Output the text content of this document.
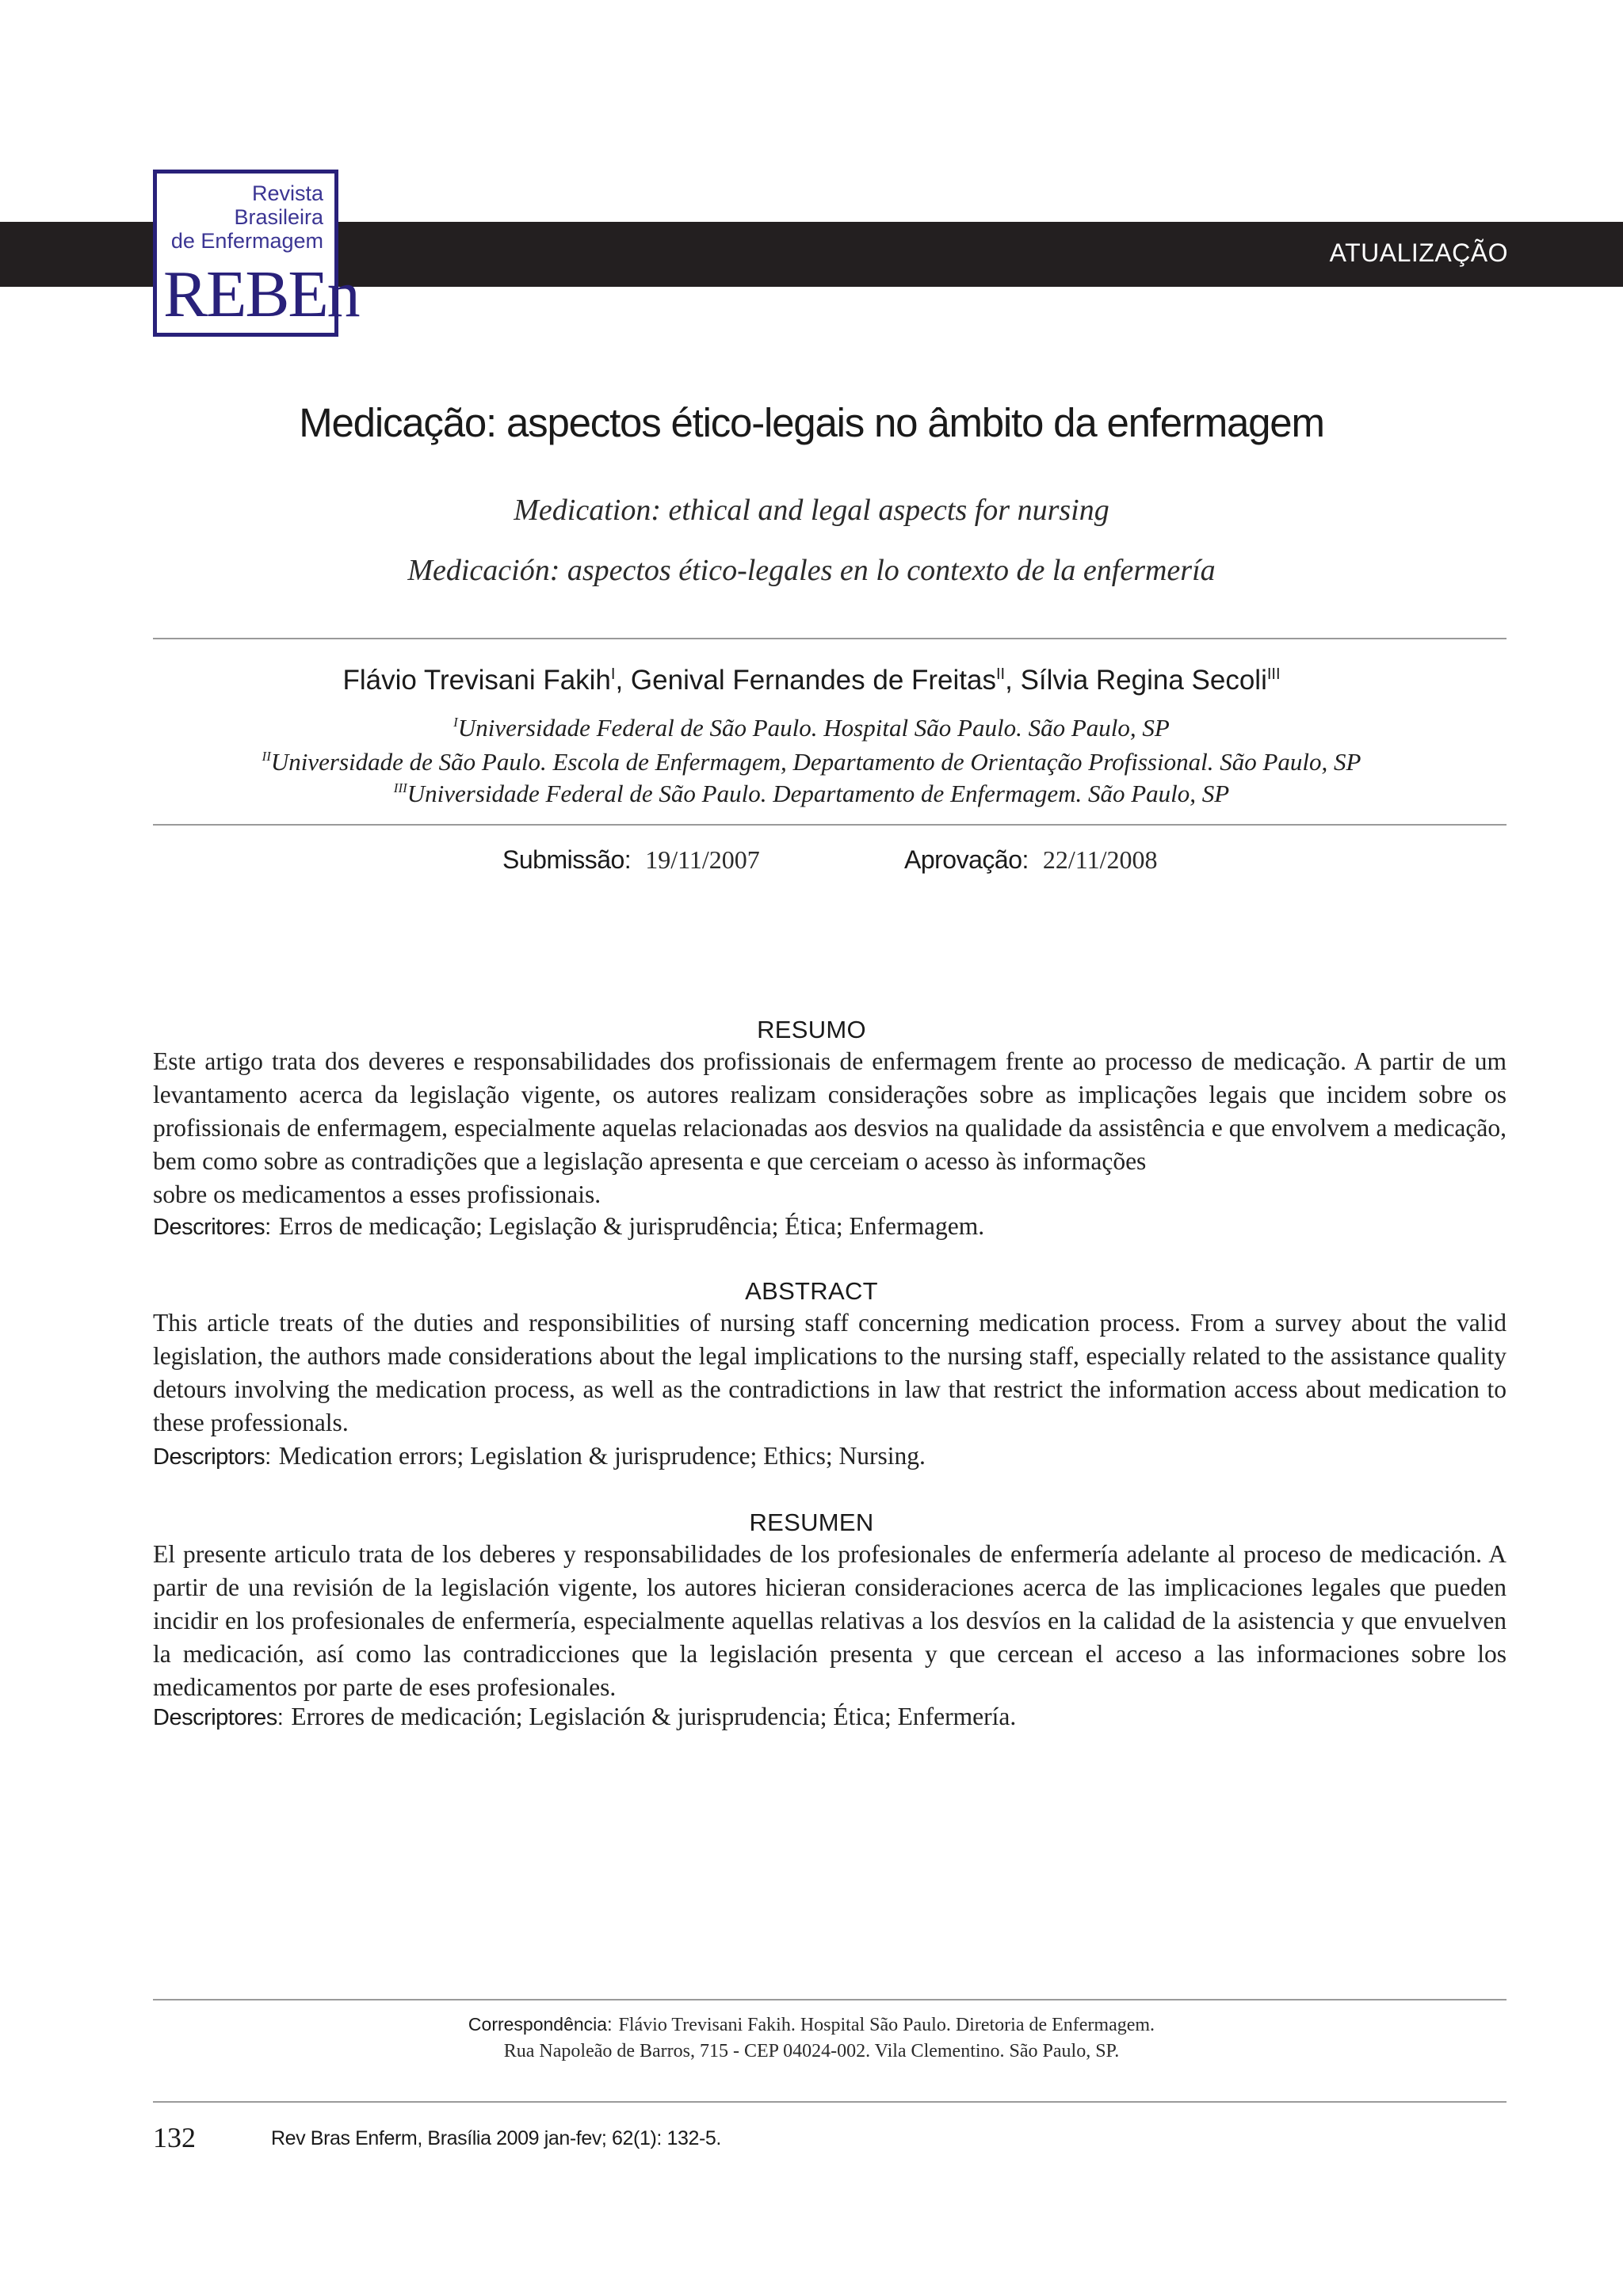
ATUALIZAÇÃO
Revista
Brasileira
de Enfermagem
REBEn
Medicação: aspectos ético-legais no âmbito da enfermagem
Medication: ethical and legal aspects for nursing
Medicación: aspectos ético-legales en lo contexto de la enfermería
Flávio Trevisani Fakih$^I$, Genival Fernandes de Freitas$^{II}$, Sílvia Regina Secoli$^{III}$
$^I$Universidade Federal de São Paulo. Hospital São Paulo. São Paulo, SP
$^{II}$Universidade de São Paulo. Escola de Enfermagem, Departamento de Orientação Profissional. São Paulo, SP
$^{III}$Universidade Federal de São Paulo. Departamento de Enfermagem. São Paulo, SP
Submissão: 19/11/2007	Aprovação: 22/11/2008
RESUMO
Este artigo trata dos deveres e responsabilidades dos profissionais de enfermagem frente ao processo de medicação. A partir de um levantamento acerca da legislação vigente, os autores realizam considerações sobre as implicações legais que incidem sobre os profissionais de enfermagem, especialmente aquelas relacionadas aos desvios na qualidade da assistência e que envolvem a medicação, bem como sobre as contradições que a legislação apresenta e que cerceiam o acesso às informações
sobre os medicamentos a esses profissionais.
Descritores: Erros de medicação; Legislação & jurisprudência; Ética; Enfermagem.
ABSTRACT
This article treats of the duties and responsibilities of nursing staff concerning medication process. From a survey about the valid legislation, the authors made considerations about the legal implications to the nursing staff, especially related to the assistance quality detours involving the medication process, as well as the contradictions in law that restrict the information access about medication to these professionals.
Descriptors: Medication errors; Legislation & jurisprudence; Ethics; Nursing.
RESUMEN
El presente articulo trata de los deberes y responsabilidades de los profesionales de enfermería adelante al proceso de medicación. A partir de una revisión de la legislación vigente, los autores hicieran consideraciones acerca de las implicaciones legales que pueden incidir en los profesionales de enfermería, especialmente aquellas relativas a los desvíos en la calidad de la asistencia y que envuelven la medicación, así como las contradicciones que la legislación presenta y que cercean el acceso a las informaciones sobre los medicamentos por parte de eses profesionales.
Descriptores: Errores de medicación; Legislación & jurisprudencia; Ética; Enfermería.
Correspondência: Flávio Trevisani Fakih. Hospital São Paulo. Diretoria de Enfermagem.
Rua Napoleão de Barros, 715 - CEP 04024-002. Vila Clementino. São Paulo, SP.
132	Rev Bras Enferm, Brasília 2009 jan-fev; 62(1): 132-5.
